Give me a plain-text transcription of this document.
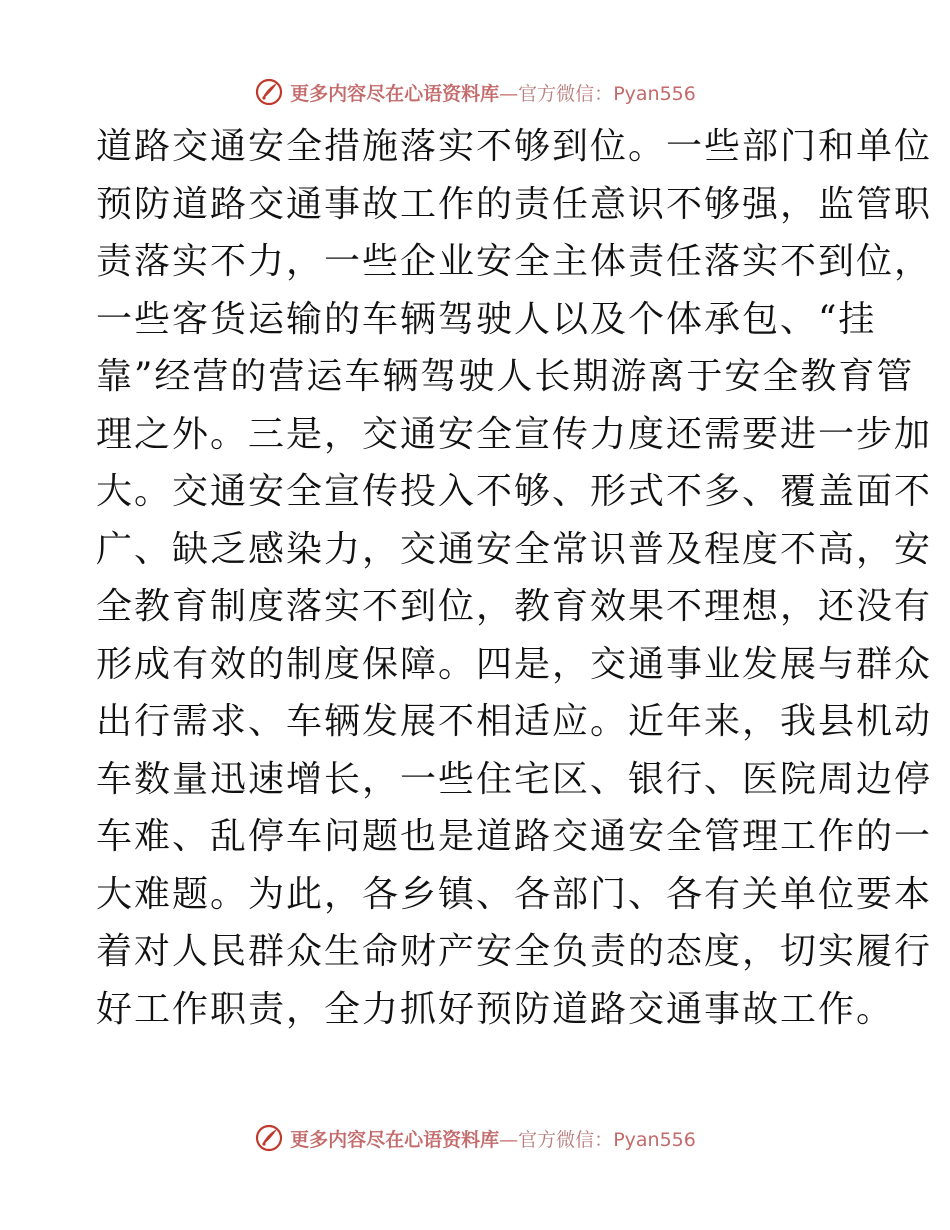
更多内容尽在心语资料库—官方微信：Pyan556
道路交通安全措施落实不够到位。一些部门和单位
预防道路交通事故工作的责任意识不够强，监管职
责落实不力，一些企业安全主体责任落实不到位，
一些客货运输的车辆驾驶人以及个体承包、“挂
靠”经营的营运车辆驾驶人长期游离于安全教育管
理之外。三是，交通安全宣传力度还需要进一步加
大。交通安全宣传投入不够、形式不多、覆盖面不
广、缺乏感染力，交通安全常识普及程度不高，安
全教育制度落实不到位，教育效果不理想，还没有
形成有效的制度保障。四是，交通事业发展与群众
出行需求、车辆发展不相适应。近年来，我县机动
车数量迅速增长，一些住宅区、银行、医院周边停
车难、乱停车问题也是道路交通安全管理工作的一
大难题。为此，各乡镇、各部门、各有关单位要本
着对人民群众生命财产安全负责的态度，切实履行
好工作职责，全力抓好预防道路交通事故工作。
更多内容尽在心语资料库—官方微信：Pyan556
